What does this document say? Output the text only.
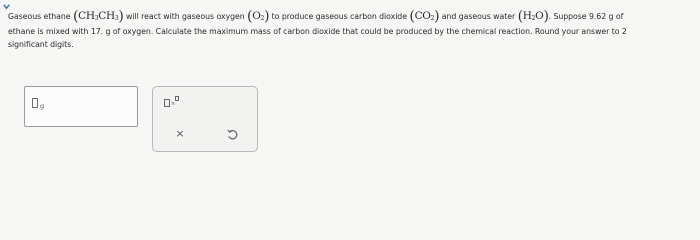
Gaseous ethane $(CH_3CH_3)$ will react with gaseous oxygen $(O_2)$ to produce gaseous carbon dioxide $(CO_2)$ and gaseous water $(H_2O)$. Suppose 9.62 g of
ethane is mixed with 17. g of oxygen. Calculate the maximum mass of carbon dioxide that could be produced by the chemical reaction. Round your answer to 2
significant digits.
g	×
×
